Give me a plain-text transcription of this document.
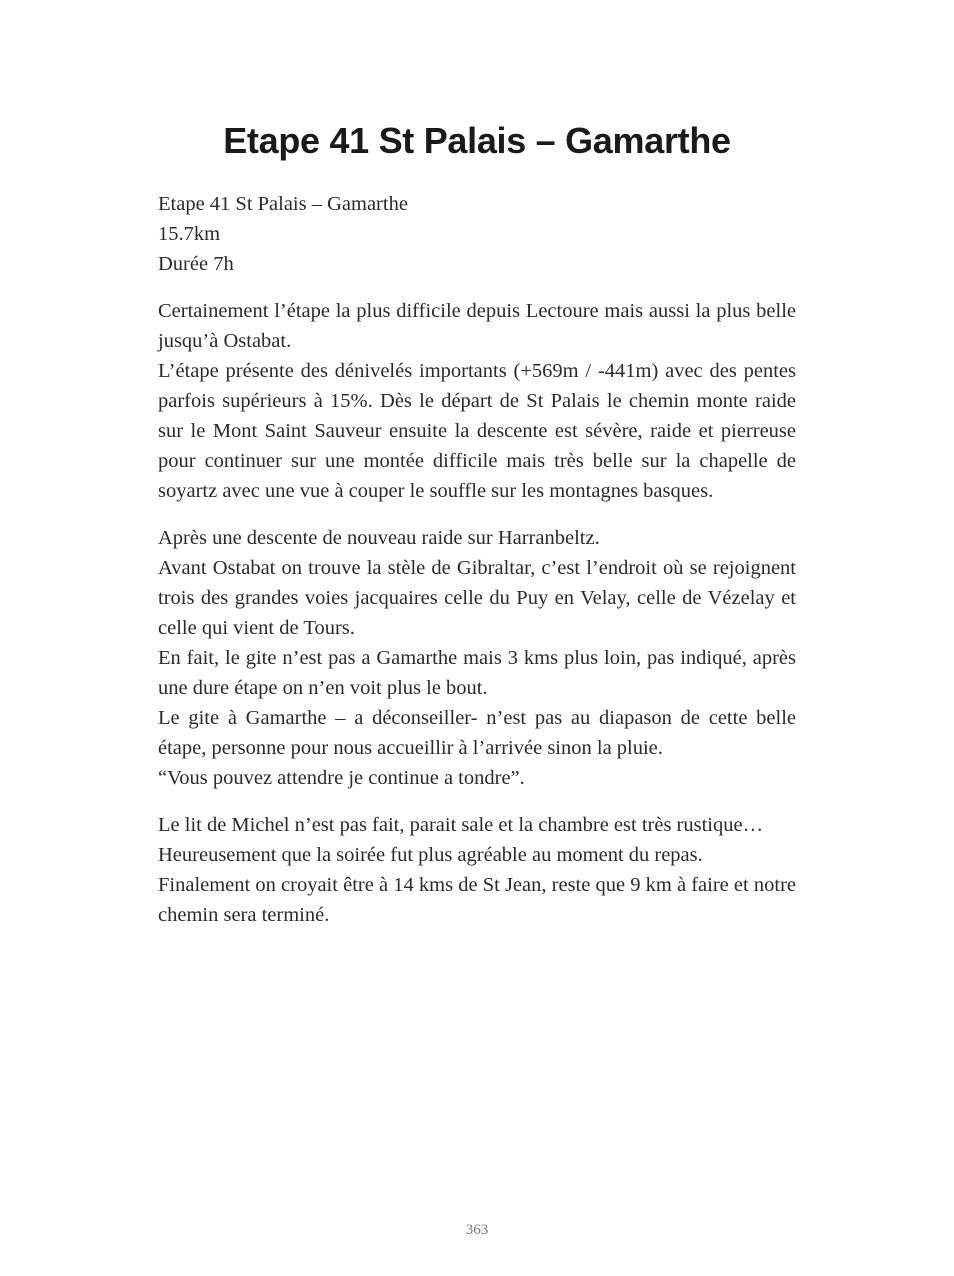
Etape 41 St Palais – Gamarthe

Etape 41 St Palais – Gamarthe

15.7km

Durée 7h

Certainement l’étape la plus difficile depuis Lectoure mais aussi la plus belle jusqu’à Ostabat.

L’étape présente des dénivelés importants (+569m / -441m) avec des pentes parfois supérieurs à 15%. Dès le départ de St Palais le chemin monte raide sur le Mont Saint Sauveur ensuite la descente est sévère, raide et pierreuse pour continuer sur une montée difficile mais très belle sur la chapelle de soyartz avec une vue à couper le souffle sur les montagnes basques.

Après une descente de nouveau raide sur Harranbeltz.

Avant Ostabat on trouve la stèle de Gibraltar, c’est l’endroit où se rejoignent trois des grandes voies jacquaires celle du Puy en Velay, celle de Vézelay et celle qui vient de Tours.

En fait, le gite n’est pas a Gamarthe mais 3 kms plus loin, pas indiqué, après une dure étape on n’en voit plus le bout.

Le gite à Gamarthe – a déconseiller- n’est pas au diapason de cette belle étape, personne pour nous accueillir à l’arrivée sinon la pluie.

“Vous pouvez attendre je continue a tondre”.

Le lit de Michel n’est pas fait, parait sale et la chambre est très rustique…

Heureusement que la soirée fut plus agréable au moment du repas.

Finalement on croyait être à 14 kms de St Jean, reste que 9 km à faire et notre chemin sera terminé.

363
